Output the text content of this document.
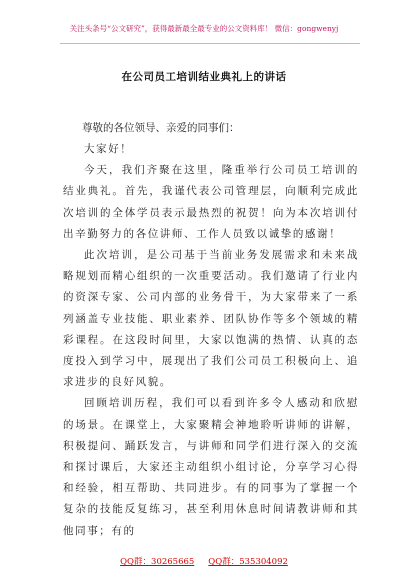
关注头条号“公文研究”，获得最新最全最专业的公文资料库！ 微信：gongwenyj
在公司员工培训结业典礼上的讲话
尊敬的各位领导、亲爱的同事们：

大家好！

今天，我们齐聚在这里，隆重举行公司员工培训的结业典礼。首先，我谨代表公司管理层，向顺利完成此次培训的全体学员表示最热烈的祝贺！向为本次培训付出辛勤努力的各位讲师、工作人员致以诚挚的感谢！

此次培训，是公司基于当前业务发展需求和未来战略规划而精心组织的一次重要活动。我们邀请了行业内的资深专家、公司内部的业务骨干，为大家带来了一系列涵盖专业技能、职业素养、团队协作等多个领域的精彩课程。在这段时间里，大家以饱满的热情、认真的态度投入到学习中，展现出了我们公司员工积极向上、追求进步的良好风貌。

回顾培训历程，我们可以看到许多令人感动和欣慰的场景。在课堂上，大家聚精会神地聆听讲师的讲解，积极提问、踊跃发言，与讲师和同学们进行深入的交流和探讨课后，大家还主动组织小组讨论，分享学习心得和经验，相互帮助、共同进步。有的同事为了掌握一个复杂的技能反复练习，甚至利用休息时间请教讲师和其他同事；有的

QQ群：30265665 QQ群：535304092
